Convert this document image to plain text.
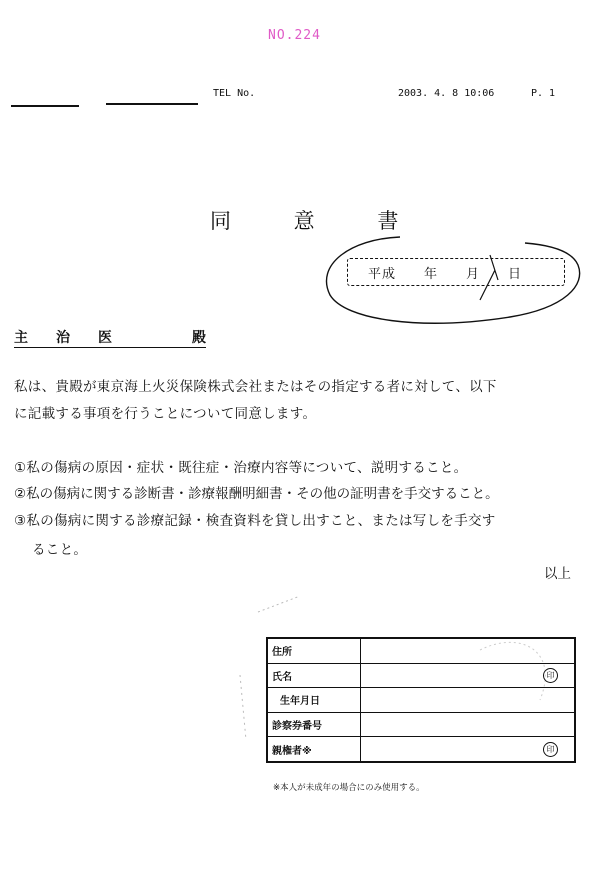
NO.224
TEL No.	2003. 4. 8 10:06	P. 1
同 意 書
平成　　年　　月　　日
主治医	殿
私は、貴殿が東京海上火災保険株式会社またはその指定する者に対して、以下
に記載する事項を行うことについて同意します。
①私の傷病の原因・症状・既往症・治療内容等について、説明すること。
②私の傷病に関する診断書・診療報酬明細書・その他の証明書を手交すること。
③私の傷病に関する診療記録・検査資料を貸し出すこと、または写しを手交す
ること。
以上
住所	
氏名	印

生年月日	
診察券番号	
親権者※	印
※本人が未成年の場合にのみ使用する。
